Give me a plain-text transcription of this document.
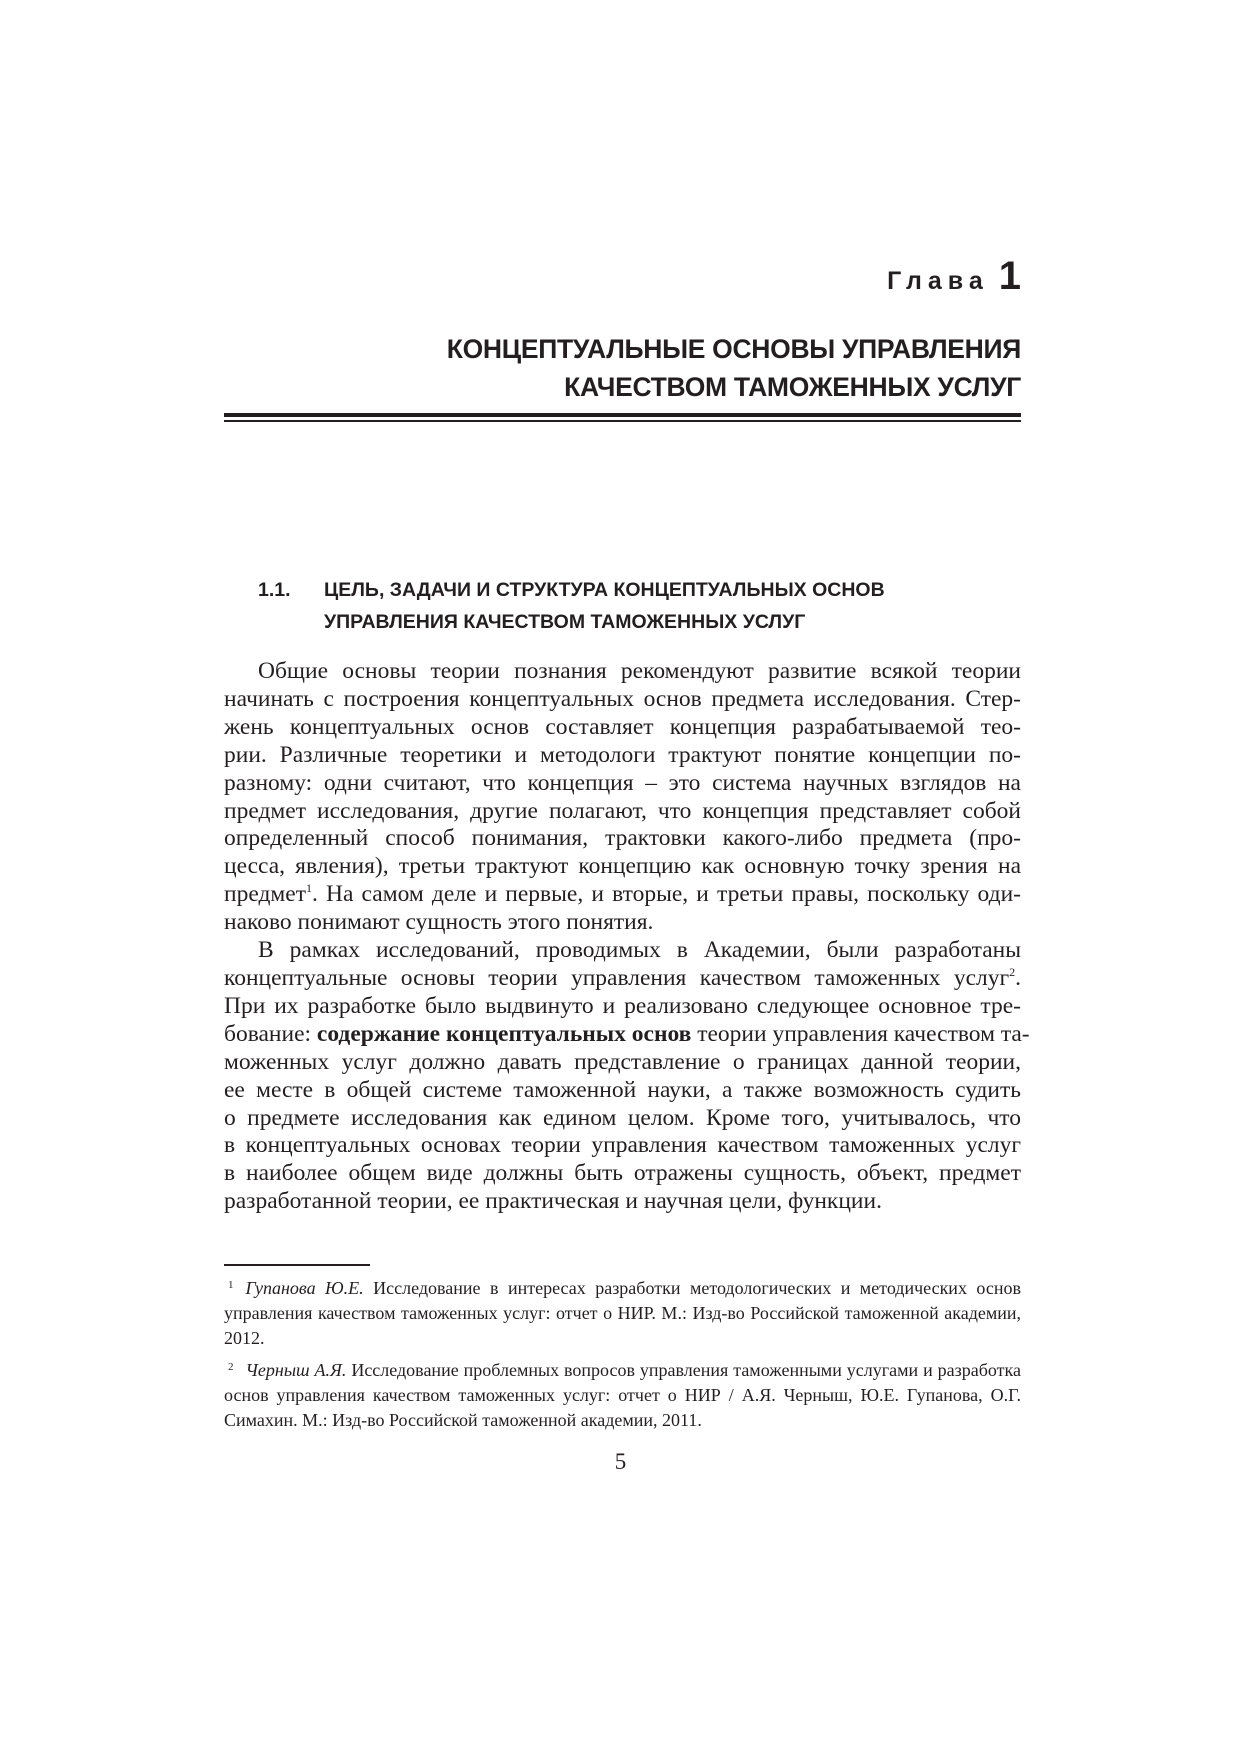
Глава 1
КОНЦЕПТУАЛЬНЫЕ ОСНОВЫ УПРАВЛЕНИЯ
КАЧЕСТВОМ ТАМОЖЕННЫХ УСЛУГ
1.1.	ЦЕЛЬ, ЗАДАЧИ И СТРУКТУРА КОНЦЕПТУАЛЬНЫХ ОСНОВ
УПРАВЛЕНИЯ КАЧЕСТВОМ ТАМОЖЕННЫХ УСЛУГ
Общие основы теории познания рекомендуют развитие всякой теории
начинать с построения концептуальных основ предмета исследования. Стер-
жень концептуальных основ составляет концепция разрабатываемой тео-
рии. Различные теоретики и методологи трактуют понятие концепции по-
разному: одни считают, что концепция – это система научных взглядов на
предмет исследования, другие полагают, что концепция представляет собой
определенный способ понимания, трактовки какого-либо предмета (про-
цесса, явления), третьи трактуют концепцию как основную точку зрения на
предмет$^1$. На самом деле и первые, и вторые, и третьи правы, поскольку оди-
наково понимают сущность этого понятия.
В рамках исследований, проводимых в Академии, были разработаны
концептуальные основы теории управления качеством таможенных услуг$^2$.
При их разработке было выдвинуто и реализовано следующее основное тре-
бование: содержание концептуальных основ теории управления качеством та-
моженных услуг должно давать представление о границах данной теории,
ее месте в общей системе таможенной науки, а также возможность судить
о предмете исследования как едином целом. Кроме того, учитывалось, что
в концептуальных основах теории управления качеством таможенных услуг
в наиболее общем виде должны быть отражены сущность, объект, предмет
разработанной теории, ее практическая и научная цели, функции.
$^1$ Гупанова Ю.Е. Исследование в интересах разработки методологических и методических основ управления качеством таможенных услуг: отчет о НИР. М.: Изд-во Российской таможенной академии, 2012.
$^2$ Черныш А.Я. Исследование проблемных вопросов управления таможенными услугами и разработка основ управления качеством таможенных услуг: отчет о НИР / А.Я. Черныш, Ю.Е. Гупанова, О.Г. Симахин. М.: Изд-во Российской таможенной академии, 2011.
5
